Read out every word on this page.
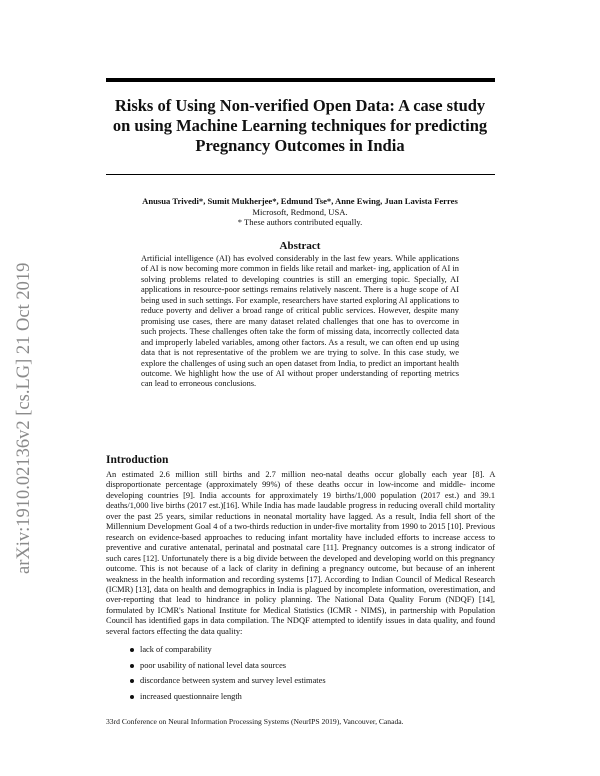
Risks of Using Non-verified Open Data: A case study
on using Machine Learning techniques for predicting
Pregnancy Outcomes in India
Anusua Trivedi*, Sumit Mukherjee*, Edmund Tse*, Anne Ewing, Juan Lavista Ferres
Microsoft, Redmond, USA.
* These authors contributed equally.
Abstract

Artificial intelligence (AI) has evolved considerably in the last few years. While applications of AI is now becoming more common in fields like retail and market- ing, application of AI in solving problems related to developing countries is still an emerging topic. Specially, AI applications in resource-poor settings remains relatively nascent. There is a huge scope of AI being used in such settings. For example, researchers have started exploring AI applications to reduce poverty and deliver a broad range of critical public services. However, despite many promising use cases, there are many dataset related challenges that one has to overcome in such projects. These challenges often take the form of missing data, incorrectly collected data and improperly labeled variables, among other factors. As a result, we can often end up using data that is not representative of the problem we are trying to solve. In this case study, we explore the challenges of using such an open dataset from India, to predict an important health outcome. We highlight how the use of AI without proper understanding of reporting metrics can lead to erroneous conclusions.

Introduction

An estimated 2.6 million still births and 2.7 million neo-natal deaths occur globally each year [8]. A disproportionate percentage (approximately 99%) of these deaths occur in low-income and middle- income developing countries [9]. India accounts for approximately 19 births/1,000 population (2017 est.) and 39.1 deaths/1,000 live births (2017 est.)[16]. While India has made laudable progress in reducing overall child mortality over the past 25 years, similar reductions in neonatal mortality have lagged. As a result, India fell short of the Millennium Development Goal 4 of a two-thirds reduction in under-five mortality from 1990 to 2015 [10]. Previous research on evidence-based approaches to reducing infant mortality have included efforts to increase access to preventive and curative antenatal, perinatal and postnatal care [11]. Pregnancy outcomes is a strong indicator of such cares [12]. Unfortunately there is a big divide between the developed and developing world on this pregnancy outcome. This is not because of a lack of clarity in defining a pregnancy outcome, but because of an inherent weakness in the health information and recording systems [17]. According to Indian Council of Medical Research (ICMR) [13], data on health and demographics in India is plagued by incomplete information, overestimation, and over-reporting that lead to hindrance in policy planning. The National Data Quality Forum (NDQF) [14], formulated by ICMR's National Institute for Medical Statistics (ICMR - NIMS), in partnership with Population Council has identified gaps in data compilation. The NDQF attempted to identify issues in data quality, and found several factors effecting the data quality:

lack of comparability
poor usability of national level data sources
discordance between system and survey level estimates
increased questionnaire length
33rd Conference on Neural Information Processing Systems (NeurIPS 2019), Vancouver, Canada.
arXiv:1910.02136v2 [cs.LG] 21 Oct 2019
